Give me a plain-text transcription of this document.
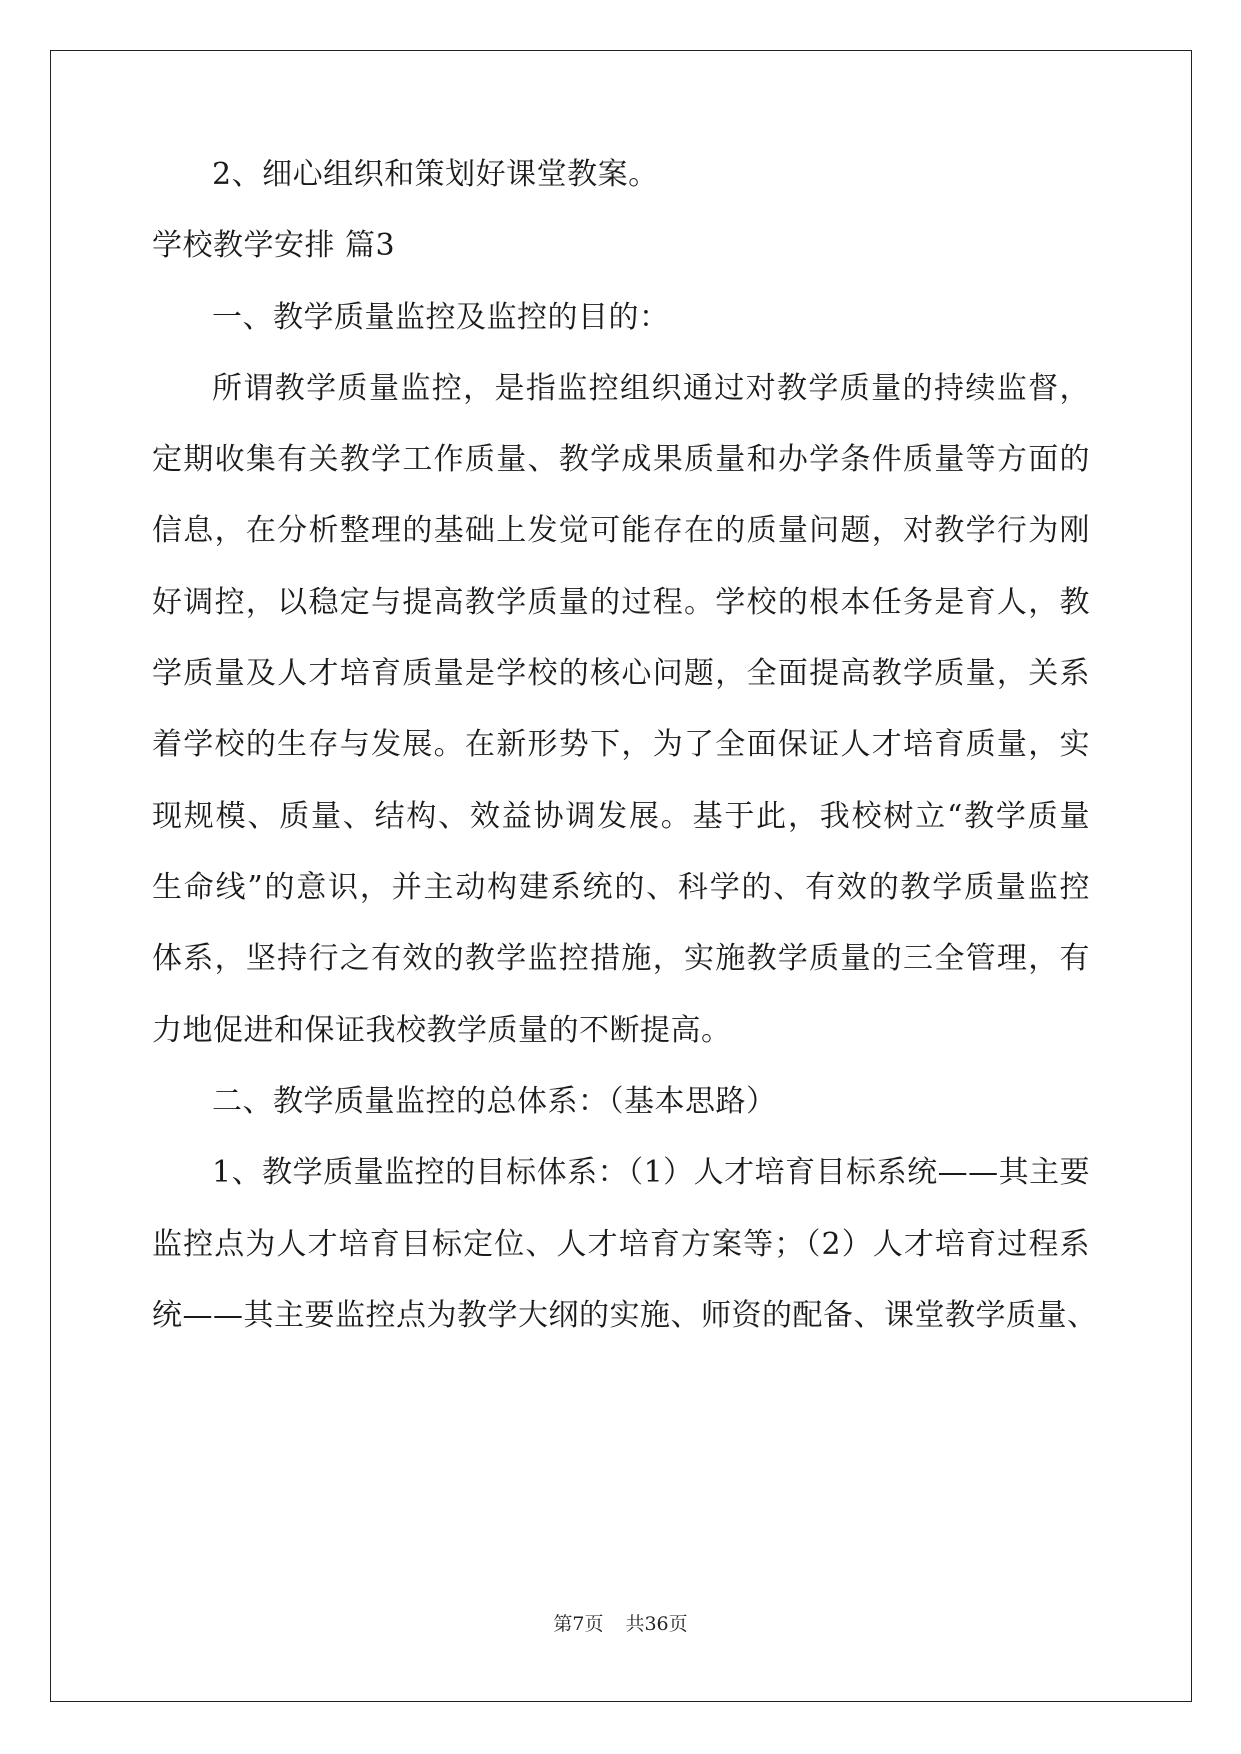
2、细心组织和策划好课堂教案。
学校教学安排 篇3
一、教学质量监控及监控的目的：
所谓教学质量监控，是指监控组织通过对教学质量的持续监督，
定期收集有关教学工作质量、教学成果质量和办学条件质量等方面的
信息，在分析整理的基础上发觉可能存在的质量问题，对教学行为刚
好调控，以稳定与提高教学质量的过程。学校的根本任务是育人，教
学质量及人才培育质量是学校的核心问题，全面提高教学质量，关系
着学校的生存与发展。在新形势下，为了全面保证人才培育质量，实
现规模、质量、结构、效益协调发展。基于此，我校树立“教学质量
生命线”的意识，并主动构建系统的、科学的、有效的教学质量监控
体系，坚持行之有效的教学监控措施，实施教学质量的三全管理，有
力地促进和保证我校教学质量的不断提高。
二、教学质量监控的总体系：（基本思路）
1、教学质量监控的目标体系：（1）人才培育目标系统——其主要
监控点为人才培育目标定位、人才培育方案等；（2）人才培育过程系
统——其主要监控点为教学大纲的实施、师资的配备、课堂教学质量、
第7页 共36页
